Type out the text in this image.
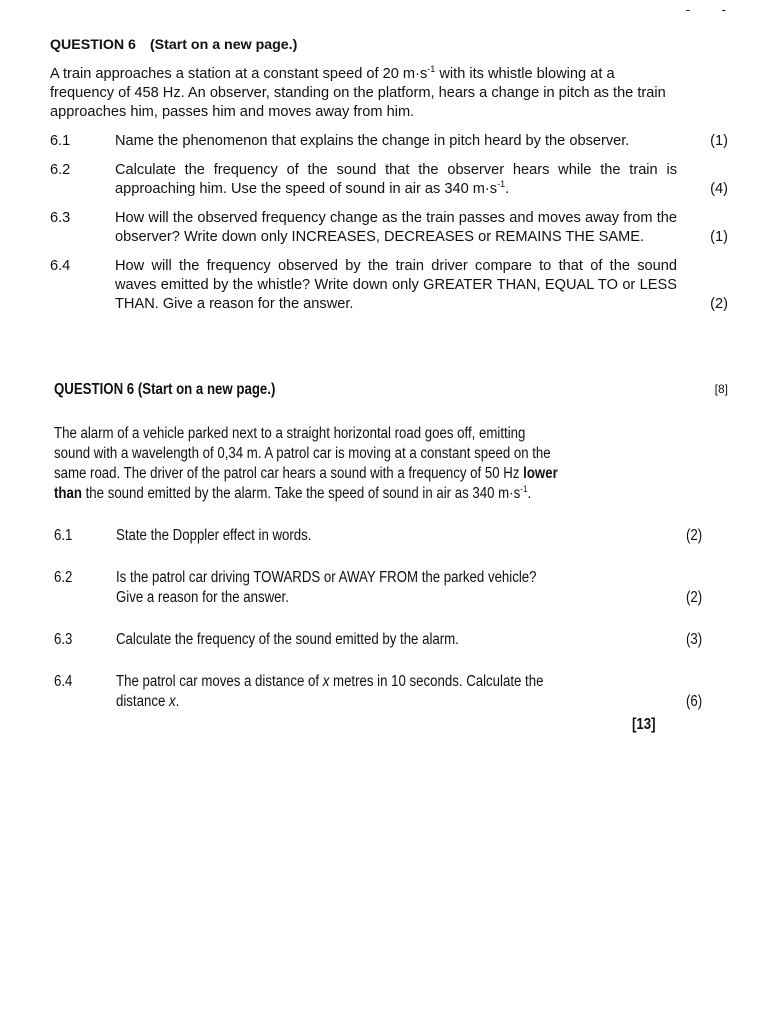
- -

QUESTION 6 (Start on a new page.)

A train approaches a station at a constant speed of 20 $m\cdot s^{-1}$ with its whistle blowing at a frequency of 458 Hz. An observer, standing on the platform, hears a change in pitch as the train approaches him, passes him and moves away from him.

6.1	Name the phenomenon that explains the change in pitch heard by the observer.	(1)
6.2	Calculate the frequency of the sound that the observer hears while the train is approaching him. Use the speed of sound in air as 340 $m\cdot s^{-1}$.	(4)
6.3	How will the observed frequency change as the train passes and moves away from the observer? Write down only INCREASES, DECREASES or REMAINS THE SAME.	(1)
6.4	How will the frequency observed by the train driver compare to that of the sound waves emitted by the whistle? Write down only GREATER THAN, EQUAL TO or LESS THAN. Give a reason for the answer.	(2)
[8]
QUESTION 6 (Start on a new page.)
The alarm of a vehicle parked next to a straight horizontal road goes off, emitting
sound with a wavelength of 0,34 m. A patrol car is moving at a constant speed on the
same road. The driver of the patrol car hears a sound with a frequency of 50 Hz lower
than the sound emitted by the alarm. Take the speed of sound in air as 340 $m\cdot s^{-1}$.
6.1	State the Doppler effect in words.	(2)
6.2	Is the patrol car driving TOWARDS or AWAY FROM the parked vehicle?
Give a reason for the answer.	(2)
6.3	Calculate the frequency of the sound emitted by the alarm.	(3)
6.4	The patrol car moves a distance of x metres in 10 seconds. Calculate the
distance x.	(6)
[13]
